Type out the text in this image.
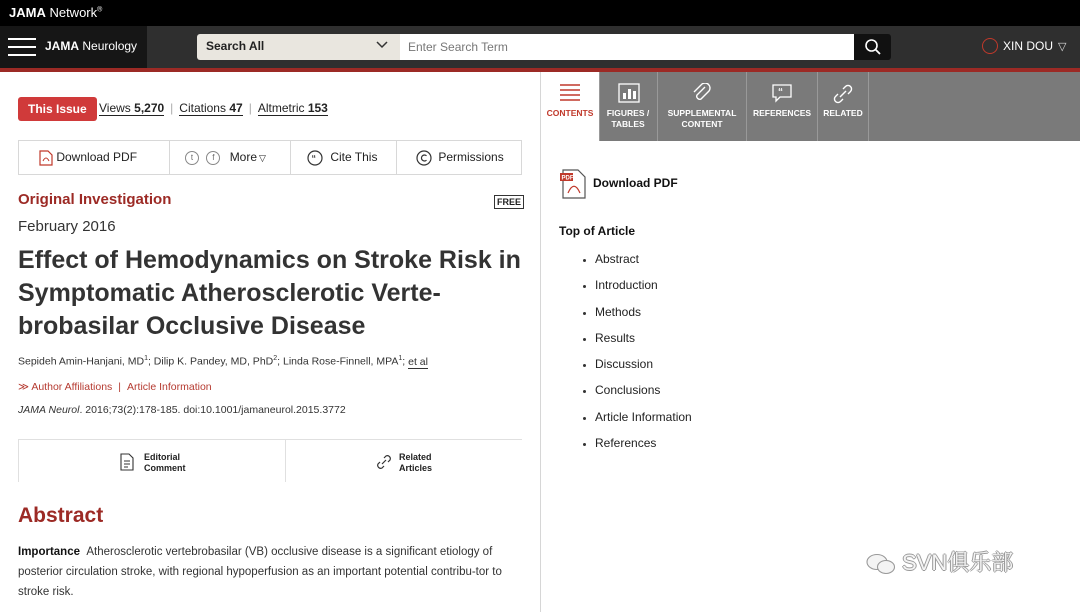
JAMA Network®
JAMA Neurology	Search All
Enter Search Term	XIN DOU ▽
This Issue	Views 5,270 | Citations 47 | Altmetric 153
Download PDF	t f More ▽	“ Cite This	Permissions
Original Investigation	FREE
February 2016
Effect of Hemodynamics on Stroke Risk in Symptomatic Atherosclerotic Verte-brobasilar Occlusive Disease
Sepideh Amin-Hanjani, $MD^1$; Dilip K. Pandey, MD, PhD$^2$; Linda Rose-Finnell, MPA$^1$; et al
≫ Author Affiliations | Article Information
JAMA Neurol. 2016;73(2):178-185. doi:10.1001/jamaneurol.2015.3772
Editorial
Comment
Related
Articles
Abstract

Importance Atherosclerotic vertebrobasilar (VB) occlusive disease is a significant etiology of posterior circulation stroke, with regional hypoperfusion as an important potential contribu-tor to stroke risk.

CONTENTS	FIGURES / TABLES
SUPPLEMENTAL CONTENT
“
REFERENCES	RELATED
PDF Download PDF
Top of Article
Abstract
Introduction
Methods
Results
Discussion
Conclusions
Article Information
References
SVN俱乐部
